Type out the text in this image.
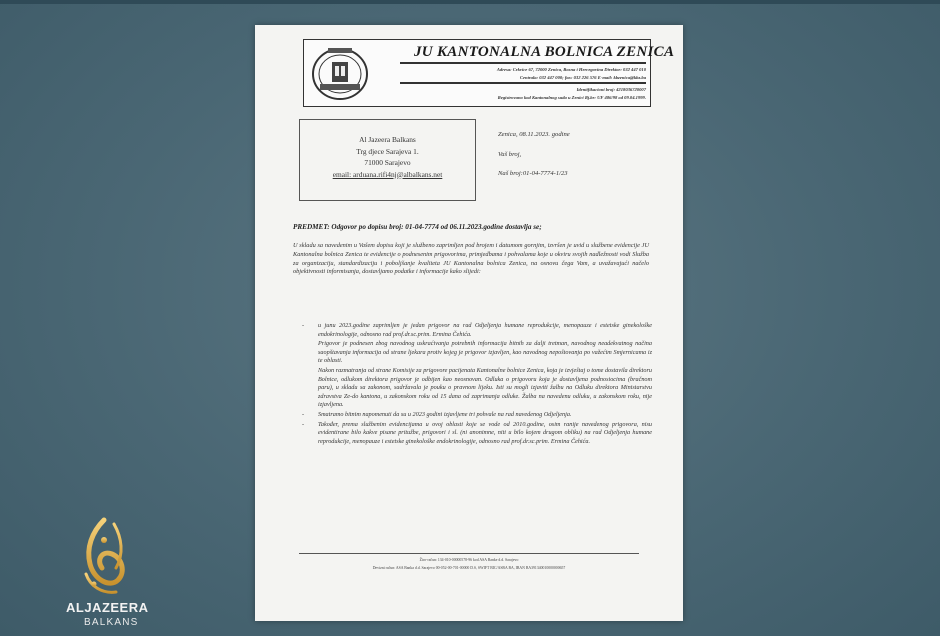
JU KANTONALNA BOLNICA ZENICA
Adresa: Crkvice 67, 72000 Zenica, Bosna i Hercegovina Direktor: 032 447 010
Centrala: 032 447 000; fax: 032 226 576 E-mail: kbzenica@kbz.ba
Identifikacioni broj: 4218036720007
Registrovano kod Kantonalnog suda u Zenici Rj.br: UF 486/98 od 09.04.1999.
Al Jazeera Balkans
Trg djece Sarajeva 1.
71000 Sarajevo
email: arduana.rifi4nj@albalkans.net
Zenica, 08.11.2023. godine
Vaš broj,
Naš broj:01-04-7774-1/23
PREDMET: Odgovor po dopisu broj: 01-04-7774 od 06.11.2023.godine dostavlja se;
U skladu sa navedenim u Vašem dopisu koji je službeno zaprimljen pod brojem i datumom gornjim, izvršen je uvid u službene evidencije JU Kantonalna bolnica Zenica te evidencije o podnesenim prigovorima, primjedbama i pohvalama koje u okviru svojih nadležnosti vodi Služba za organizaciju, standardizaciju i poboljšanje kvaliteta JU Kantonalna bolnica Zenica, na osnovu čega Vam, a uvažavajući načelo objektivnosti informisanja, dostavljamo podatke i informacije kako slijedi:
- u junu 2023.godine zaprimljen je jedan prigovor na rad Odjeljenja humane reprodukcije, menopauze i estetske ginekološke endokrinologije, odnosno rad prof.dr.sc.prim. Ermina Čehića.
Prigovor je podnesen zbog navodnog uskraćivanja potrebnih informacija bitnih za dalji tretman, navodnog neadekvatnog načina saopštavanja informacija od strane ljekara protiv kojeg je prigovor izjavljen, kao navodnog nepoštovanja po važećim Smjernicama iz te oblasti.
Nakon razmatranja od strane Komisije za prigovore pacijenata Kantonalne bolnice Zenica, koja je izvještaj o tome dostavila direktoru Bolnice, odlukom direktora prigovor je odbijen kao neosnovan. Odluka o prigovoru koja je dostavljena podnosiocima (bračnom paru), u skladu sa zakonom, sadržavala je pouku o pravnom lijeku. Isti su mogli izjaviti žalbu na Odluku direktora Ministarstvu zdravstva Ze-do kantona, u zakonskom roku od 15 dana od zaprimanja odluke. Žalba na navedenu odluku, u zakonskom roku, nije izjavljena.
- Smatramo bitnim napomenuti da su u 2023 godini izjavljene tri pohvale na rad navedenog Odjeljenja.
- Također, prema službenim evidencijama u ovoj oblasti koje se vode od 2010.godine, osim ranije navedenog prigovora, nisu evidentirane bilo kakve pisane pritužbe, prigovori i sl. (ni anonimne, niti u bilo kojem drugom obliku) na rad Odjeljenja humane reprodukcije, menopauze i estetske ginekološke endokrinologije, odnosno rad prof.dr.sc.prim. Ermina Čehića.
Žiro-račun: 134-010-00000578-96 kod ASA Banke d.d. Sarajevo
Devizni račun: ASA Banka d.d. Sarajevo 00-052-00-701-00000 D.S, SWIFT BIC/ASBA BA, IBAN BA391340010000000657
ALJAZEERA
BALKANS
